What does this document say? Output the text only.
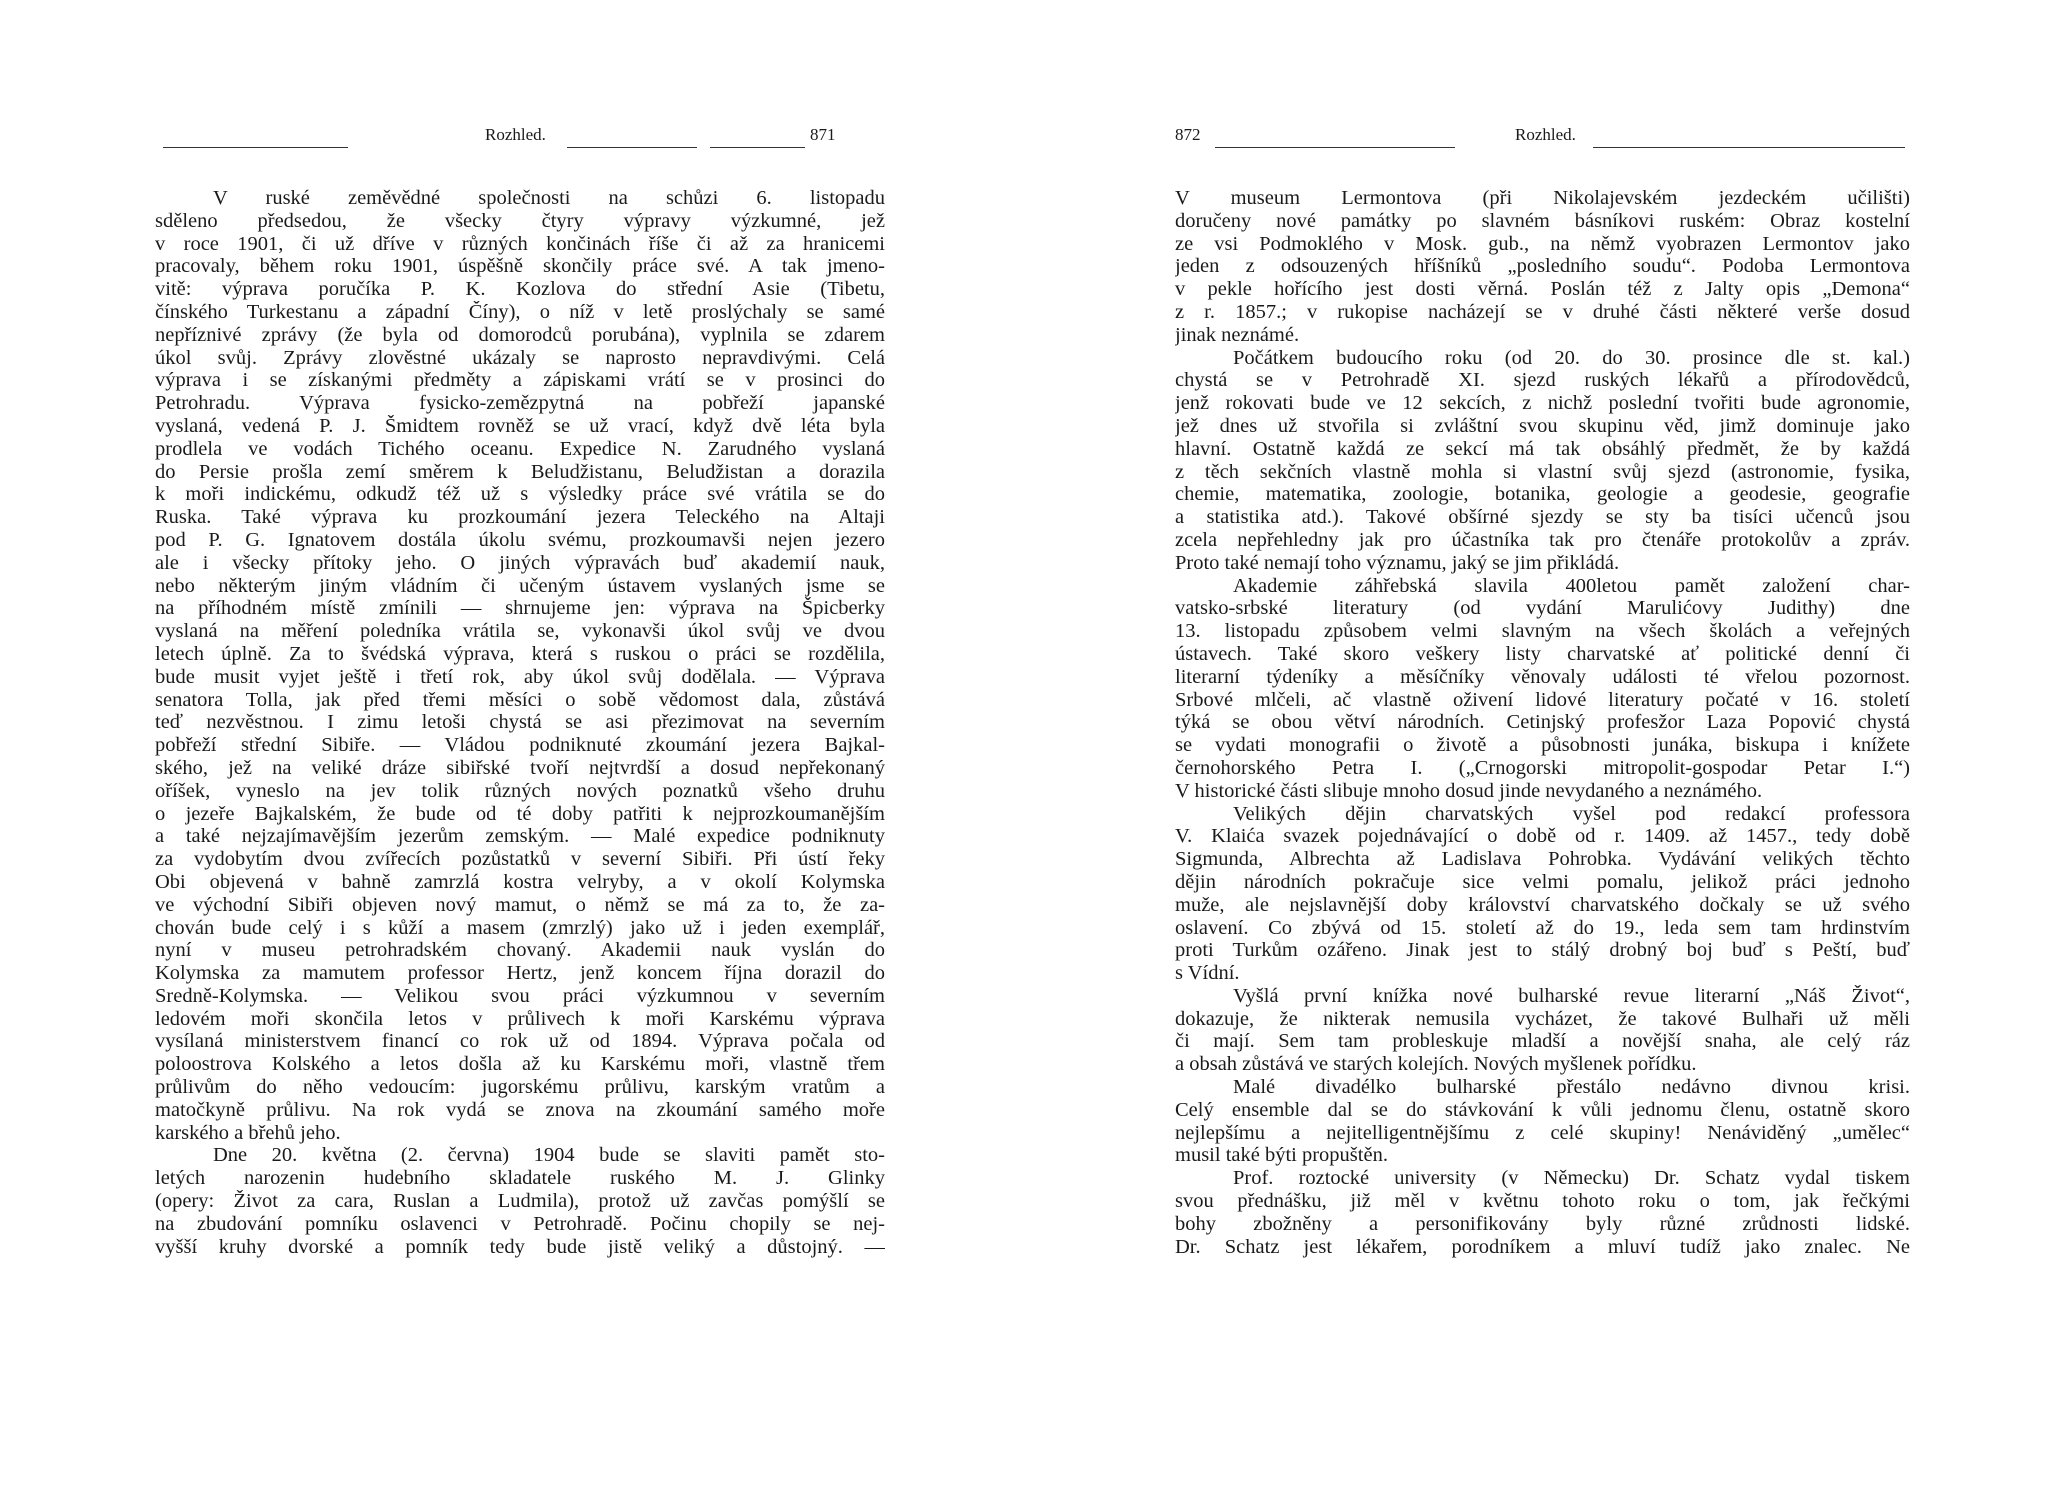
Rozhled.	871
V ruské zeměvědné společnosti na schůzi 6. listopadu
sděleno předsedou, že všecky čtyry výpravy výzkumné, jež
v roce 1901, či už dříve v různých končinách říše či až za hranicemi
pracovaly, během roku 1901, úspěšně skončily práce své. A tak jmeno-
vitě: výprava poručíka P. K. Kozlova do střední Asie (Tibetu,
čínského Turkestanu a západní Číny), o níž v letě proslýchaly se samé
nepříznivé zprávy (že byla od domorodců porubána), vyplnila se zdarem
úkol svůj. Zprávy zlověstné ukázaly se naprosto nepravdivými. Celá
výprava i se získanými předměty a zápiskami vrátí se v prosinci do
Petrohradu. Výprava fysicko-zemězpytná na pobřeží japanské
vyslaná, vedená P. J. Šmidtem rovněž se už vrací, když dvě léta byla
prodlela ve vodách Tichého oceanu. Expedice N. Zarudného vyslaná
do Persie prošla zemí směrem k Beludžistanu, Beludžistan a dorazila
k moři indickému, odkudž též už s výsledky práce své vrátila se do
Ruska. Také výprava ku prozkoumání jezera Teleckého na Altaji
pod P. G. Ignatovem dostála úkolu svému, prozkoumavši nejen jezero
ale i všecky přítoky jeho. O jiných výpravách buď akademií nauk,
nebo některým jiným vládním či učeným ústavem vyslaných jsme se
na příhodném místě zmínili — shrnujeme jen: výprava na Špicberky
vyslaná na měření poledníka vrátila se, vykonavši úkol svůj ve dvou
letech úplně. Za to švédská výprava, která s ruskou o práci se rozdělila,
bude musit vyjet ještě i třetí rok, aby úkol svůj dodělala. — Výprava
senatora Tolla, jak před třemi měsíci o sobě vědomost dala, zůstává
teď nezvěstnou. I zimu letoši chystá se asi přezimovat na severním
pobřeží střední Sibiře. — Vládou podniknuté zkoumání jezera Bajkal-
ského, jež na veliké dráze sibiřské tvoří nejtvrdší a dosud nepřekonaný
oříšek, vyneslo na jev tolik různých nových poznatků všeho druhu
o jezeře Bajkalském, že bude od té doby patřiti k nejprozkoumanějším
a také nejzajímavějším jezerům zemským. — Malé expedice podniknuty
za vydobytím dvou zvířecích pozůstatků v severní Sibiři. Při ústí řeky
Obi objevená v bahně zamrzlá kostra velryby, a v okolí Kolymska
ve východní Sibiři objeven nový mamut, o němž se má za to, že za-
chován bude celý i s kůží a masem (zmrzlý) jako už i jeden exemplář,
nyní v museu petrohradském chovaný. Akademii nauk vyslán do
Kolymska za mamutem professor Hertz, jenž koncem října dorazil do
Sredně-Kolymska. — Velikou svou práci výzkumnou v severním
ledovém moři skončila letos v průlivech k moři Karskému výprava
vysílaná ministerstvem financí co rok už od 1894. Výprava počala od
poloostrova Kolského a letos došla až ku Karskému moři, vlastně třem
průlivům do něho vedoucím: jugorskému průlivu, karským vratům a
matočkyně průlivu. Na rok vydá se znova na zkoumání samého moře
karského a břehů jeho.
Dne 20. května (2. června) 1904 bude se slaviti pamět sto-
letých narozenin hudebního skladatele ruského M. J. Glinky
(opery: Život za cara, Ruslan a Ludmila), protož už zavčas pomýšlí se
na zbudování pomníku oslavenci v Petrohradě. Počinu chopily se nej-
vyšší kruhy dvorské a pomník tedy bude jistě veliký a důstojný. —
872	Rozhled.
V museum Lermontova (při Nikolajevském jezdeckém učilišti)
doručeny nové památky po slavném básníkovi ruském: Obraz kostelní
ze vsi Podmoklého v Mosk. gub., na němž vyobrazen Lermontov jako
jeden z odsouzených hříšníků „posledního soudu“. Podoba Lermontova
v pekle hořícího jest dosti věrná. Poslán též z Jalty opis „Demona“
z r. 1857.; v rukopise nacházejí se v druhé části některé verše dosud
jinak neznámé.
Počátkem budoucího roku (od 20. do 30. prosince dle st. kal.)
chystá se v Petrohradě XI. sjezd ruských lékařů a přírodovědců,
jenž rokovati bude ve 12 sekcích, z nichž poslední tvořiti bude agronomie,
jež dnes už stvořila si zvláštní svou skupinu věd, jimž dominuje jako
hlavní. Ostatně každá ze sekcí má tak obsáhlý předmět, že by každá
z těch sekčních vlastně mohla si vlastní svůj sjezd (astronomie, fysika,
chemie, matematika, zoologie, botanika, geologie a geodesie, geografie
a statistika atd.). Takové obšírné sjezdy se sty ba tisíci učenců jsou
zcela nepřehledny jak pro účastníka tak pro čtenáře protokolův a zpráv.
Proto také nemají toho významu, jaký se jim přikládá.
Akademie záhřebská slavila 400letou pamět založení char-
vatsko-srbské literatury (od vydání Marulićovy Judithy) dne
13. listopadu způsobem velmi slavným na všech školách a veřejných
ústavech. Také skoro veškery listy charvatské ať politické denní či
literarní týdeníky a měsíčníky věnovaly události té vřelou pozornost.
Srbové mlčeli, ač vlastně oživení lidové literatury počaté v 16. století
týká se obou větví národních. Cetinjský profesžor Laza Popović chystá
se vydati monografii o životě a působnosti junáka, biskupa i knížete
černohorského Petra I. („Crnogorski mitropolit-gospodar Petar I.“)
V historické části slibuje mnoho dosud jinde nevydaného a neznámého.
Velikých dějin charvatských vyšel pod redakcí professora
V. Klaića svazek pojednávající o době od r. 1409. až 1457., tedy době
Sigmunda, Albrechta až Ladislava Pohrobka. Vydávání velikých těchto
dějin národních pokračuje sice velmi pomalu, jelikož práci jednoho
muže, ale nejslavnější doby království charvatského dočkaly se už svého
oslavení. Co zbývá od 15. století až do 19., leda sem tam hrdinstvím
proti Turkům ozářeno. Jinak jest to stálý drobný boj buď s Peští, buď
s Vídní.
Vyšlá první knížka nové bulharské revue literarní „Náš Život“,
dokazuje, že nikterak nemusila vycházet, že takové Bulhaři už měli
či mají. Sem tam probleskuje mladší a novější snaha, ale celý ráz
a obsah zůstává ve starých kolejích. Nových myšlenek pořídku.
Malé divadélko bulharské přestálo nedávno divnou krisi.
Celý ensemble dal se do stávkování k vůli jednomu členu, ostatně skoro
nejlepšímu a nejitelligentnějšímu z celé skupiny! Nenáviděný „umělec“
musil také býti propuštěn.
Prof. roztocké university (v Německu) Dr. Schatz vydal tiskem
svou přednášku, již měl v květnu tohoto roku o tom, jak řečkými
bohy zbožněny a personifikovány byly různé zrůdnosti lidské.
Dr. Schatz jest lékařem, porodníkem a mluví tudíž jako znalec. Ne
